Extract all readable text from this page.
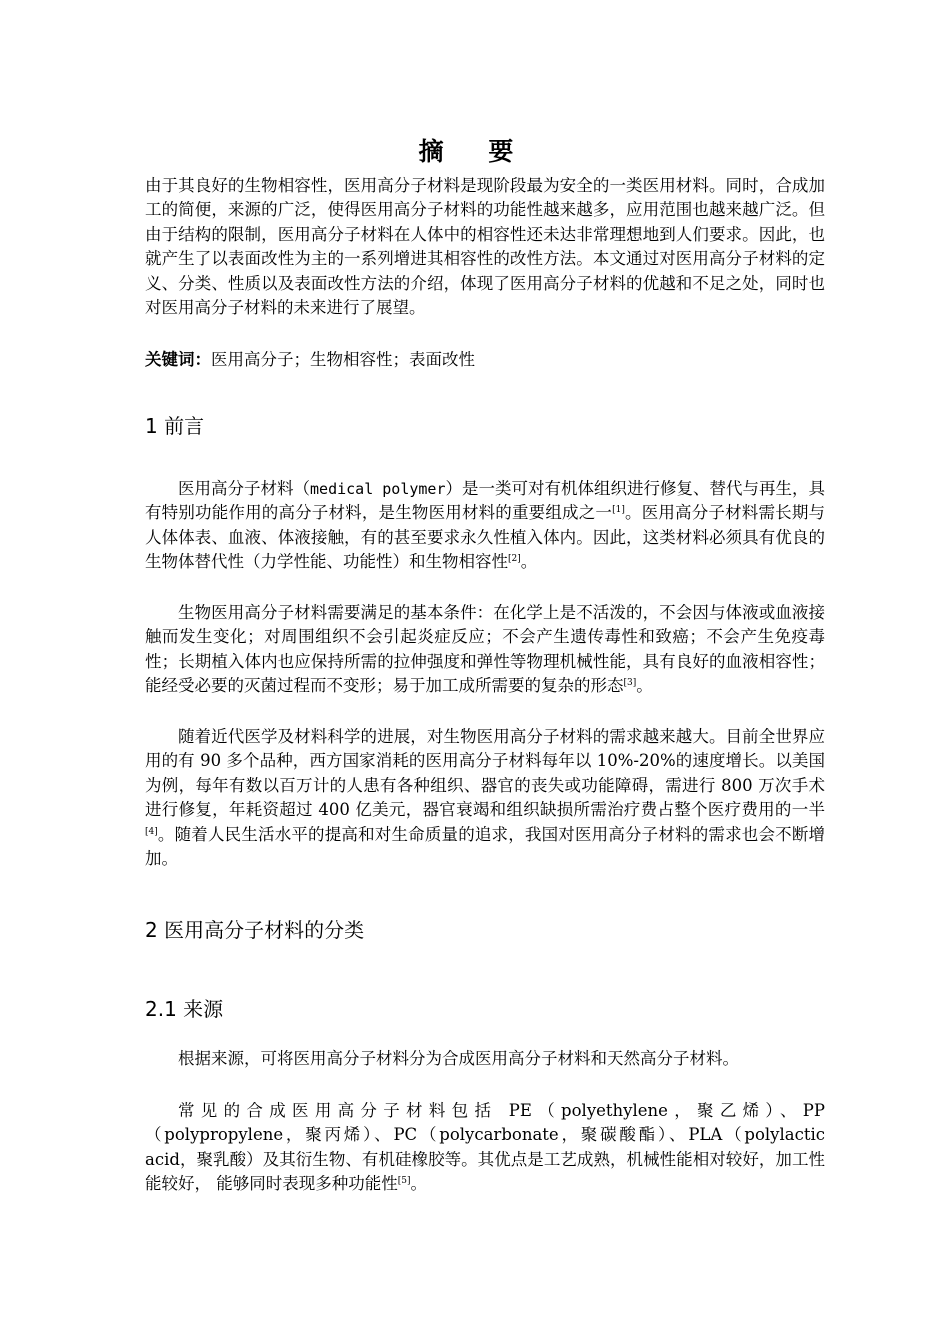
摘 要
由于其良好的生物相容性，医用高分子材料是现阶段最为安全的一类医用材料。同时，合成加工的简便，来源的广泛，使得医用高分子材料的功能性越来越多，应用范围也越来越广泛。但由于结构的限制，医用高分子材料在人体中的相容性还未达非常理想地到人们要求。因此，也就产生了以表面改性为主的一系列增进其相容性的改性方法。本文通过对医用高分子材料的定义、分类、性质以及表面改性方法的介绍，体现了医用高分子材料的优越和不足之处，同时也对医用高分子材料的未来进行了展望。
关键词：医用高分子；生物相容性；表面改性
1 前言
医用高分子材料（medical polymer）是一类可对有机体组织进行修复、替代与再生，具有特别功能作用的高分子材料，是生物医用材料的重要组成之一[1]。医用高分子材料需长期与人体体表、血液、体液接触，有的甚至要求永久性植入体内。因此，这类材料必须具有优良的生物体替代性（力学性能、功能性）和生物相容性[2]。
生物医用高分子材料需要满足的基本条件：在化学上是不活泼的，不会因与体液或血液接触而发生变化；对周围组织不会引起炎症反应；不会产生遗传毒性和致癌；不会产生免疫毒性；长期植入体内也应保持所需的拉伸强度和弹性等物理机械性能，具有良好的血液相容性；能经受必要的灭菌过程而不变形；易于加工成所需要的复杂的形态[3]。
随着近代医学及材料科学的进展，对生物医用高分子材料的需求越来越大。目前全世界应用的有 90 多个品种，西方国家消耗的医用高分子材料每年以 10%-20%的速度增长。以美国为例，每年有数以百万计的人患有各种组织、器官的丧失或功能障碍，需进行 800 万次手术进行修复，年耗资超过 400 亿美元，器官衰竭和组织缺损所需治疗费占整个医疗费用的一半[4]。随着人民生活水平的提高和对生命质量的追求，我国对医用高分子材料的需求也会不断增加。
2 医用高分子材料的分类
2.1 来源
根据来源，可将医用高分子材料分为合成医用高分子材料和天然高分子材料。
常见的合成医用高分子材料包括 PE（polyethylene，聚乙烯）、PP（polypropylene，聚丙烯）、PC（polycarbonate，聚碳酸酯）、PLA（polylactic acid，聚乳酸）及其衍生物、有机硅橡胶等。其优点是工艺成熟，机械性能相对较好，加工性能较好， 能够同时表现多种功能性[5]。
